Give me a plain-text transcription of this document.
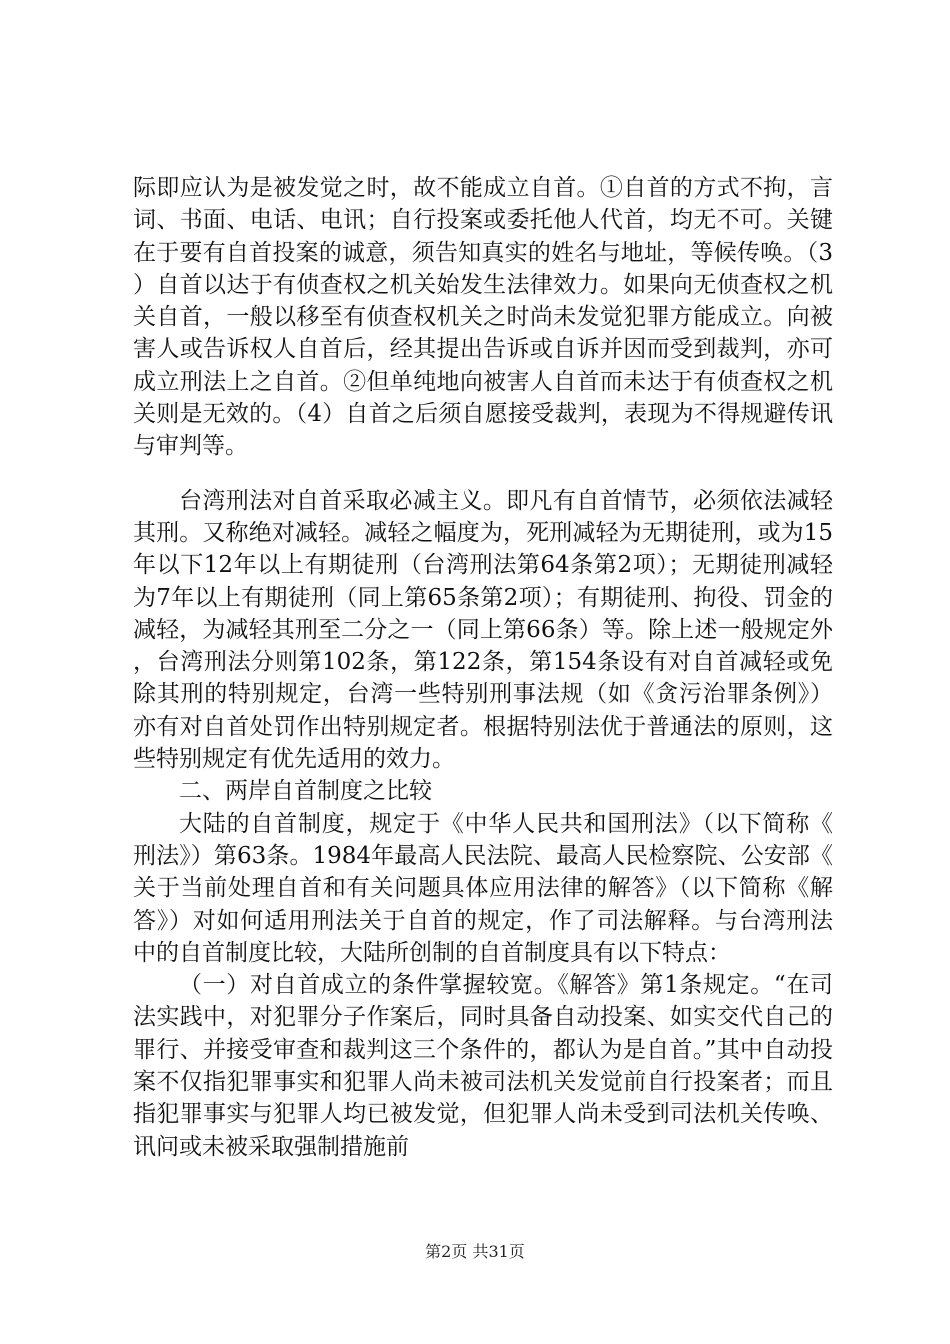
际即应认为是被发觉之时，故不能成立自首。①自首的方式不拘，言词、书面、电话、电讯；自行投案或委托他人代首，均无不可。关键在于要有自首投案的诚意，须告知真实的姓名与地址，等候传唤。（3）自首以达于有侦查权之机关始发生法律效力。如果向无侦查权之机关自首，一般以移至有侦查权机关之时尚未发觉犯罪方能成立。向被害人或告诉权人自首后，经其提出告诉或自诉并因而受到裁判，亦可成立刑法上之自首。②但单纯地向被害人自首而未达于有侦查权之机关则是无效的。（4）自首之后须自愿接受裁判，表现为不得规避传讯与审判等。

台湾刑法对自首采取必减主义。即凡有自首情节，必须依法减轻其刑。又称绝对减轻。减轻之幅度为，死刑减轻为无期徒刑，或为15年以下12年以上有期徒刑（台湾刑法第64条第2项）；无期徒刑减轻为7年以上有期徒刑（同上第65条第2项）；有期徒刑、拘役、罚金的减轻，为减轻其刑至二分之一（同上第66条）等。除上述一般规定外，台湾刑法分则第102条，第122条，第154条设有对自首减轻或免除其刑的特别规定，台湾一些特别刑事法规（如《贪污治罪条例》）亦有对自首处罚作出特别规定者。根据特别法优于普通法的原则，这些特别规定有优先适用的效力。

二、两岸自首制度之比较

大陆的自首制度，规定于《中华人民共和国刑法》（以下简称《刑法》）第63条。1984年最高人民法院、最高人民检察院、公安部《关于当前处理自首和有关问题具体应用法律的解答》（以下简称《解答》）对如何适用刑法关于自首的规定，作了司法解释。与台湾刑法中的自首制度比较，大陆所创制的自首制度具有以下特点：

（一）对自首成立的条件掌握较宽。《解答》第1条规定。“在司法实践中，对犯罪分子作案后，同时具备自动投案、如实交代自己的罪行、并接受审查和裁判这三个条件的，都认为是自首。”其中自动投案不仅指犯罪事实和犯罪人尚未被司法机关发觉前自行投案者；而且指犯罪事实与犯罪人均已被发觉，但犯罪人尚未受到司法机关传唤、讯问或未被采取强制措施前

第2页 共31页
